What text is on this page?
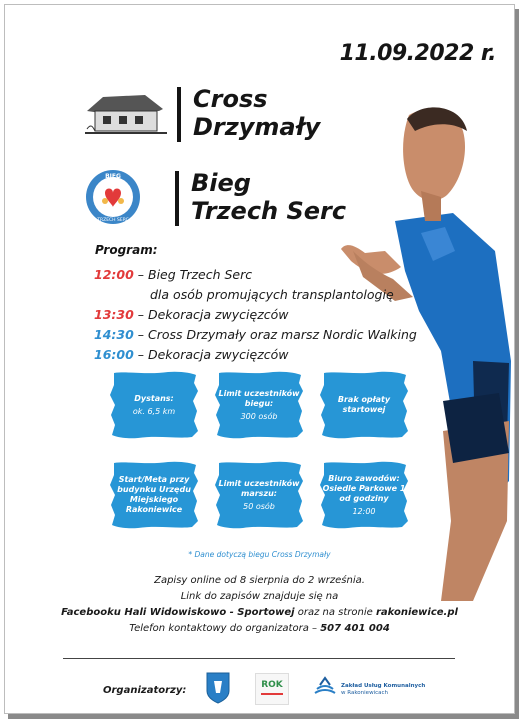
11.09.2022 r.
Cross
Drzymały
BIEG
TRZECH SERC
Bieg
Trzech Serc
Program:
12:00 – Bieg Trzech Serc
13:30 – Dekoracja zwycięzców
14:30 – Cross Drzymały oraz marsz Nordic Walking
16:00 – Dekoracja zwycięzców
dla osób promujących transplantologię
Dystans:
ok. 6,5 km
Limit uczestników biegu:
300 osób
Brak opłaty startowej
Start/Meta przy budynku Urzędu Miejskiego Rakoniewice
Limit uczestników marszu:
50 osób
Biuro zawodów: Osiedle Parkowe 1 od godziny
12:00
* Dane dotyczą biegu Cross Drzymały
Zapisy online od 8 sierpnia do 2 września.
Link do zapisów znajduje się na
Facebooku Hali Widowiskowo - Sportowej oraz na stronie rakoniewice.pl
Telefon kontaktowy do organizatora – 507 401 004
Organizatorzy:	ROK	Zakład Usług Komunalnych
w Rakoniewicach
